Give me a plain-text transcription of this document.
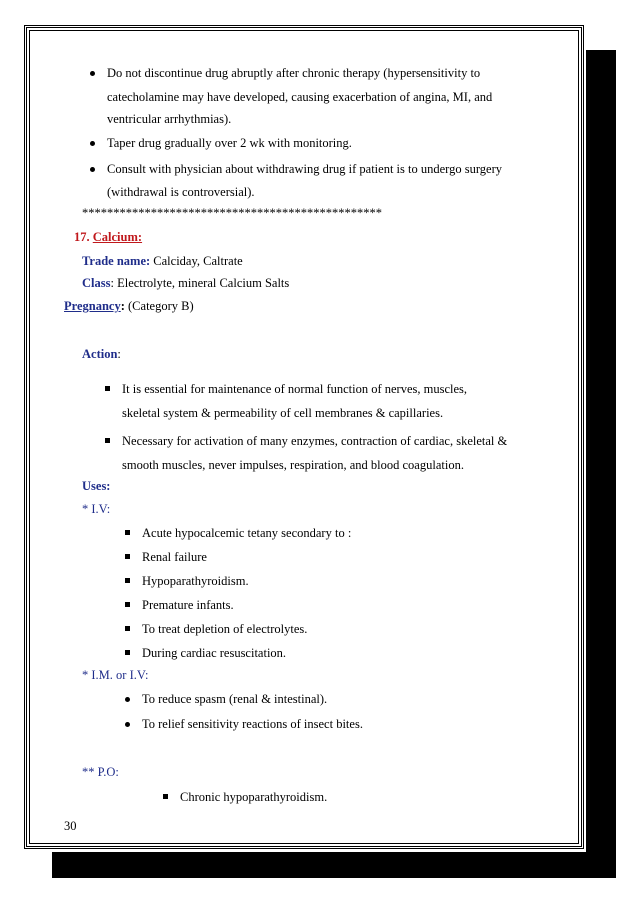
Do not discontinue drug abruptly after chronic therapy (hypersensitivity to
catecholamine may have developed, causing exacerbation of angina, MI, and
ventricular arrhythmias).
Taper drug gradually over 2 wk with monitoring.
Consult with physician about withdrawing drug if patient is to undergo surgery
(withdrawal is controversial).
************************************************
17. Calcium:
Trade name: Calciday, Caltrate
Class: Electrolyte, mineral Calcium Salts
Pregnancy: (Category B)
Action:
It is essential for maintenance of normal function of nerves, muscles,
skeletal system & permeability of cell membranes & capillaries.
Necessary for activation of many enzymes, contraction of cardiac, skeletal &
smooth muscles, never impulses, respiration, and blood coagulation.
Uses:
* I.V:
Acute hypocalcemic tetany secondary to :
Renal failure
Hypoparathyroidism.
Premature infants.
To treat depletion of electrolytes.
During cardiac resuscitation.
* I.M. or I.V:
To reduce spasm (renal & intestinal).
To relief sensitivity reactions of insect bites.
** P.O:
Chronic hypoparathyroidism.
30
